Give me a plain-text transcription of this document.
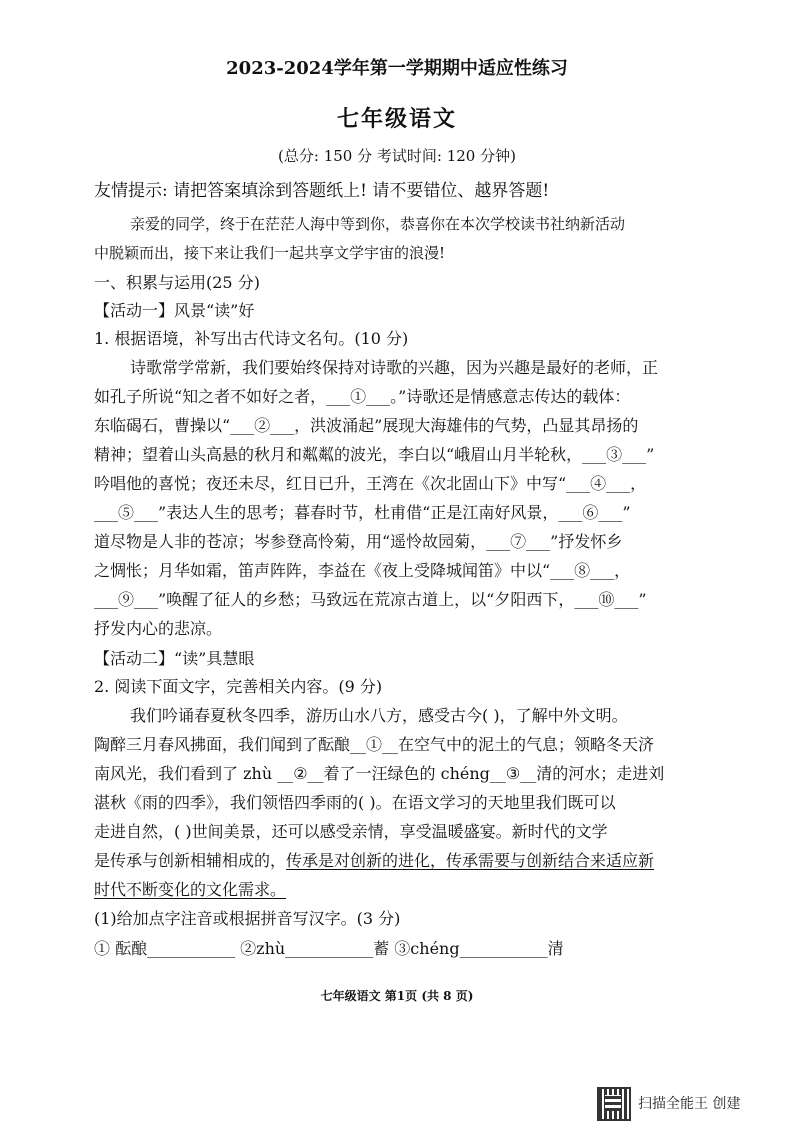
2023-2024学年第一学期期中适应性练习
七年级语文
(总分: 150 分 考试时间: 120 分钟)
友情提示: 请把答案填涂到答题纸上! 请不要错位、越界答题!
亲爱的同学，终于在茫茫人海中等到你，恭喜你在本次学校读书社纳新活动
中脱颖而出，接下来让我们一起共享文学宇宙的浪漫!
一、积累与运用(25 分)
【活动一】风景“读”好
1. 根据语境，补写出古代诗文名句。(10 分)
诗歌常学常新，我们要始终保持对诗歌的兴趣，因为兴趣是最好的老师，正
如孔子所说“知之者不如好之者，___①___。”诗歌还是情感意志传达的载体：
东临碣石，曹操以“___②___，洪波涌起”展现大海雄伟的气势，凸显其昂扬的
精神；望着山头高悬的秋月和粼粼的波光，李白以“峨眉山月半轮秋，___③___”
吟唱他的喜悦；夜还未尽，红日已升，王湾在《次北固山下》中写“___④___，
___⑤___”表达人生的思考；暮春时节，杜甫借“正是江南好风景，___⑥___”
道尽物是人非的苍凉；岑参登高怜菊，用“遥怜故园菊，___⑦___”抒发怀乡
之惆怅；月华如霜，笛声阵阵，李益在《夜上受降城闻笛》中以“___⑧___，
___⑨___”唤醒了征人的乡愁；马致远在荒凉古道上，以“夕阳西下，___⑩___”
抒发内心的悲凉。
【活动二】“读”具慧眼
2. 阅读下面文字，完善相关内容。(9 分)
我们吟诵春夏秋冬四季，游历山水八方，感受古今( )，了解中外文明。
陶醉三月春风拂面，我们闻到了酝酿__①__在空气中的泥土的气息；领略冬天济
南风光，我们看到了 zhù __②__着了一汪绿色的 chéng__③__清的河水；走进刘
湛秋《雨的四季》，我们领悟四季雨的( )。在语文学习的天地里我们既可以
走进自然，( )世间美景，还可以感受亲情，享受温暖盛宴。新时代的文学
是传承与创新相辅相成的，传承是对创新的进化，传承需要与创新结合来适应新
时代不断变化的文化需求。
(1)给加点字注音或根据拼音写汉字。(3 分)
① 酝酿___________ ②zhù___________蓄 ③chéng___________清
七年级语文 第1页 (共 8 页)
扫描全能王 创建
